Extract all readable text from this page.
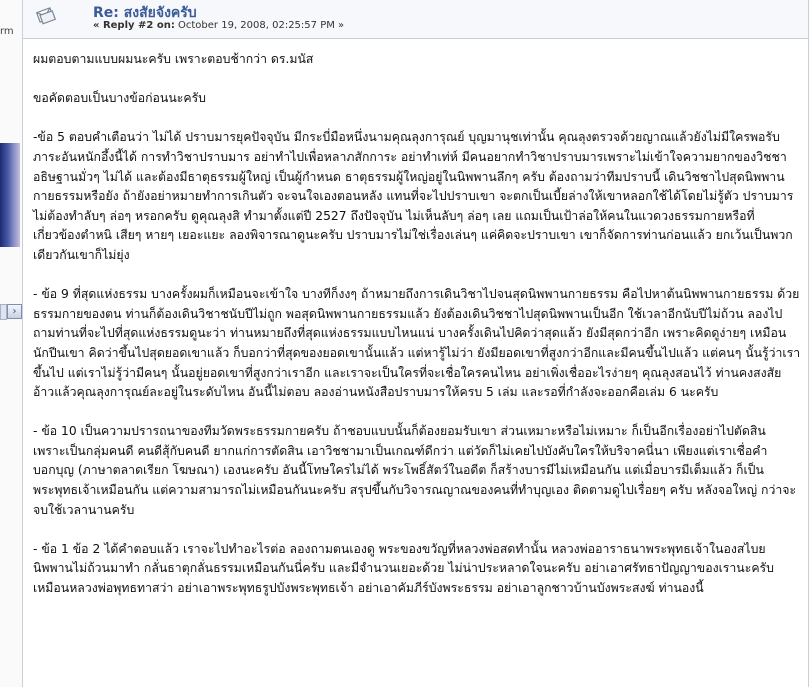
rm
›
Re: สงสัยจังครับ
« Reply #2 on: October 19, 2008, 02:25:57 PM »

ผมตอบตามแบบผมนะครับ เพราะตอบช้ากว่า ดร.มนัส

ขอคัดตอบเป็นบางข้อก่อนนะครับ

-ข้อ 5 ตอบคำเตือนว่า ไม่ได้ ปราบมารยุคปัจจุบัน มีกระบี่มือหนึ่งนามคุณลุงการุณย์ บุญมานุชเท่านั้น คุณลุงตรวจด้วยญาณแล้วยังไม่มีใครพอรับภาระอันหนักอึ้งนี้ได้ การทำวิชาปราบมาร อย่าทำไปเพื่อหลาภสักการะ อย่าทำเท่ห์ มีคนอยากทำวิชาปราบมารเพราะไม่เข้าใจความยากของวิชชา อธิษฐานมั่วๆ ไม่ได้ และต้องมีธาตุธรรมผู้ใหญ่ เป็นผู้กำหนด ธาตุธรรมผู้ใหญ่อยู่ในนิพพานลึกๆ ครับ ต้องถามว่าทีมปราบนี้ เดินวิชชาไปสุดนิพพานกายธรรมหรือยัง ถ้ายังอย่าหมายทำการเกินตัว จะจนใจเองตอนหลัง แทนที่จะไปปราบเขา จะตกเป็นเบี้ยล่างให้เขาหลอกใช้ได้โดยไม่รู้ตัว ปราบมารไม่ต้องทำลับๆ ล่อๆ หรอกครับ ดูคุณลุงสิ ทำมาตั้งแต่ปี 2527 ถึงปัจจุบัน ไม่เห็นลับๆ ล่อๆ เลย แถมเป็นเป้าล่อให้คนในแวดวงธรรมกายหรือที่เกี่ยวข้องตำหนิ เสียๆ หายๆ เยอะแยะ ลองพิจารณาดูนะครับ ปราบมารไม่ใช่เรื่องเล่นๆ แค่คิดจะปราบเขา เขาก็จัดการท่านก่อนแล้ว ยกเว้นเป็นพวกเดียวกันเขาก็ไม่ยุ่ง

- ข้อ 9 ที่สุดแห่งธรรม บางครั้งผมก็เหมือนจะเข้าใจ บางทีก็งงๆ ถ้าหมายถึงการเดินวิชาไปจนสุดนิพพานกายธรรม คือไปหาต้นนิพพานกายธรรม ด้วยธรรมกายของตน ท่านก็ต้องเดินวิชาชนับปีไม่ถูก พอสุดนิพพานกายธรรมแล้ว ยังต้องเดินวิชชาไปสุดนิพพานเป็นอีก ใช้เวลาอีกนับปีไม่ถ้วน ลองไปถามท่านที่จะไปที่สุดแห่งธรรมดูนะว่า ท่านหมายถึงที่สุดแห่งธรรมแบบไหนแน่ บางครั้งเดินไปคิดว่าสุดแล้ว ยังมีสุดกว่าอีก เพราะคิดดูง่ายๆ เหมือนนักปีนเขา คิดว่าขึ้นไปสุดยอดเขาแล้ว ก็บอกว่าที่สุดของยอดเขานั้นแล้ว แต่หารู้ไม่ว่า ยังมียอดเขาที่สูงกว่าอีกและมีคนขึ้นไปแล้ว แต่คนๆ นั้นรู้ว่าเราขึ้นไป แต่เราไม่รู้ว่ามีคนๆ นั้นอยู่ยอดเขาที่สูงกว่าเราอีก และเราจะเป็นใครที่จะเชื่อใครคนไหน อย่าเพิ่งเชื่ออะไรง่ายๆ คุณลุงสอนไว้ ท่านคงสงสัย อ้าวแล้วคุณลุงการุณย์ละอยู่ในระดับไหน อันนี้ไม่ตอบ ลองอ่านหนังสือปราบมารให้ครบ 5 เล่ม และรอที่กำลังจะออกคือเล่ม 6 นะครับ

- ข้อ 10 เป็นความปรารถนาของทีมวัดพระธรรมกายครับ ถ้าชอบแบบนั้นก็ต้องยอมรับเขา ส่วนเหมาะหรือไม่เหมาะ ก็เป็นอีกเรื่องอย่าไปตัดสิน เพราะเป็นกลุ่มคนดี คนดีสุ้กับคนดี ยากแก่การตัดสิน เอาวิชชามาเป็นเกณฑ์ดีกว่า แต่วัดก็ไม่เคยไปบังคับใครให้บริจาคนี่นา เพียงแต่เราเชื่อคำบอกบุญ (ภาษาตลาดเรียก โฆษณา) เองนะครับ อันนี้โทษใครไม่ได้ พระโพธิ์สัตว์ในอดีต ก็สร้างบารมีไม่เหมือนกัน แต่เมื่อบารมีเต็มแล้ว ก็เป็นพระพุทธเจ้าเหมือนกัน แต่ความสามารถไม่เหมือนกันนะครับ สรุปขึ้นกับวิจารณญาณของคนที่ทำบุญเอง ติดตามดูไปเรื่อยๆ ครับ หลังจอใหญ่ กว่าจะจบใช้เวลานานครับ

- ข้อ 1 ข้อ 2 ได้คำตอบแล้ว เราจะไปทำอะไรต่อ ลองถามตนเองดู พระของขวัญที่หลวงพ่อสดทำนั้น หลวงพ่ออาราธนาพระพุทธเจ้าในองสไบยนิพพานไม่ถ้วนมาทำ กลั่นธาตุกลั่นธรรมเหมือนกันนี่ครับ และมีจำนวนเยอะด้วย ไม่น่าประหลาดใจนะครับ อย่าเอาศรัทธาปัญญาของเรานะครับ เหมือนหลวงพ่อพุทธทาสว่า อย่าเอาพระพุทธรูปบังพระพุทธเจ้า อย่าเอาคัมภีร์บังพระธรรม อย่าเอาลูกชาวบ้านบังพระสงฆ์ ท่านองนี้
